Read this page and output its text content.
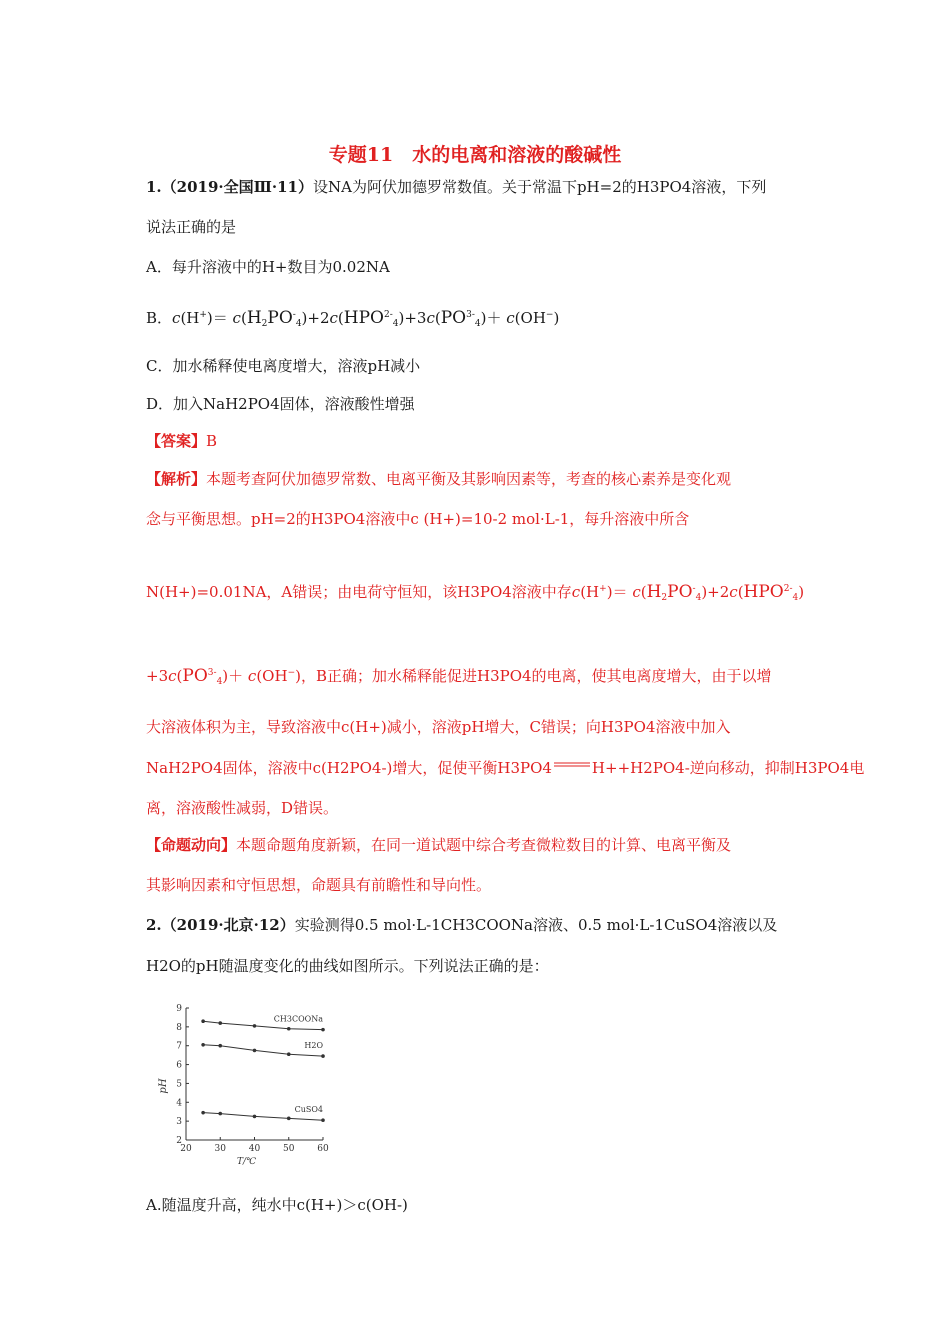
专题11　水的电离和溶液的酸碱性
1.（2019·全国Ⅲ·11）设NA为阿伏加德罗常数值。关于常温下pH=2的H3PO4溶液，下列
说法正确的是
A．每升溶液中的H+数目为0.02NA
B．$c(H^+)= c(H_2PO^-_4)+2c(HPO^{2-}_4)+3c(PO^{3-}_4)+ c(OH^-)$
C．加水稀释使电离度增大，溶液pH减小
D．加入NaH2PO4固体，溶液酸性增强
【答案】B
【解析】本题考查阿伏加德罗常数、电离平衡及其影响因素等，考查的核心素养是变化观
念与平衡思想。pH=2的H3PO4溶液中c (H+)=10-2 mol·L-1，每升溶液中所含
N(H+)=0.01NA，A错误；由电荷守恒知，该H3PO4溶液中存$c(H^+)= c(H_2PO^-_4)+2c(HPO^{2-}_4)$
$+3c(PO^{3-}_4)+ c(OH^-)$，B正确；加水稀释能促进H3PO4的电离，使其电离度增大，由于以增
大溶液体积为主，导致溶液中c(H+)减小，溶液pH增大，C错误；向H3PO4溶液中加入
NaH2PO4固体，溶液中c(H2PO4-)增大，促使平衡H3PO4	H++H2PO4-逆向移动，抑制H3PO4电
离，溶液酸性减弱，D错误。
【命题动向】本题命题角度新颖，在同一道试题中综合考查微粒数目的计算、电离平衡及
其影响因素和守恒思想，命题具有前瞻性和导向性。
2.（2019·北京·12）实验测得0.5 mol·L-1CH3COONa溶液、0.5 mol·L-1CuSO4溶液以及
H2O的pH随温度变化的曲线如图所示。下列说法正确的是：
2
3
4
5
6
7
8
9
20	30	40	50	60
T/℃
pH
CH3COONa
H2O
CuSO4
A.随温度升高，纯水中c(H+)＞c(OH-)
